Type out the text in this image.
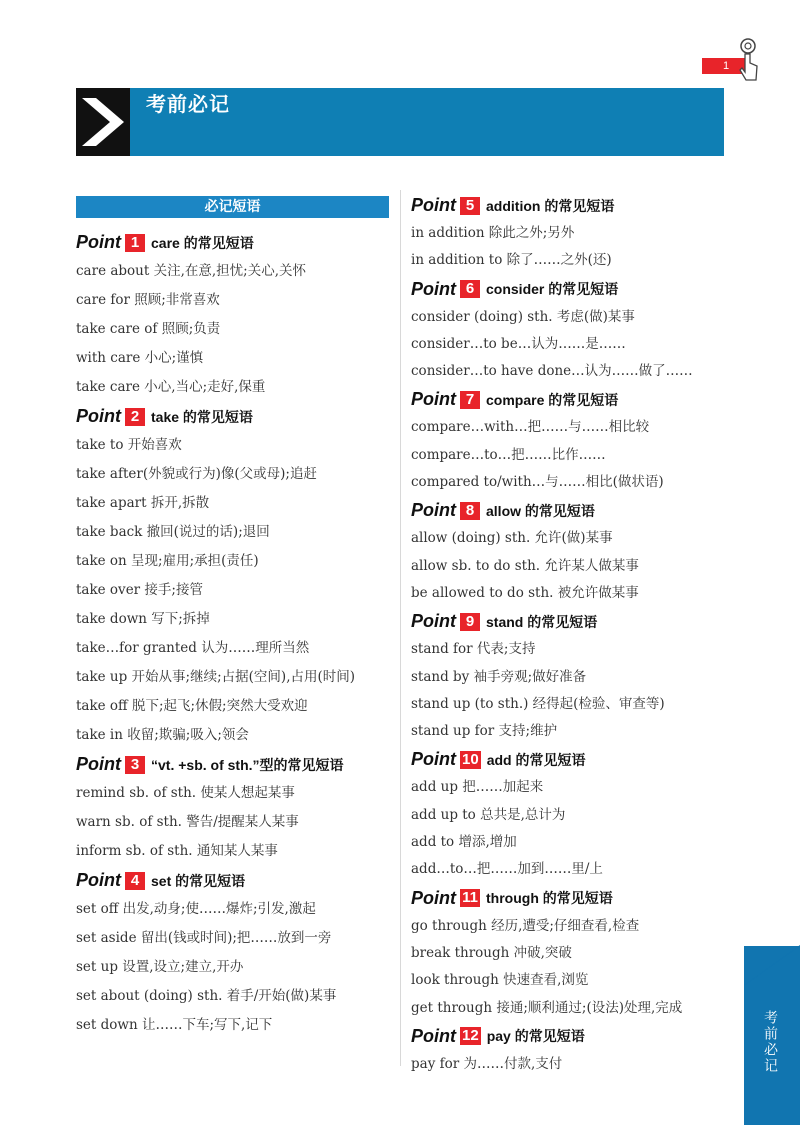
1
考前必记
考前必记
必记短语
Point 1 care 的常见短语
care about 关注,在意,担忧;关心,关怀
care for 照顾;非常喜欢
take care of 照顾;负责
with care 小心;谨慎
take care 小心,当心;走好,保重
Point 2 take 的常见短语
take to 开始喜欢
take after(外貌或行为)像(父或母);追赶
take apart 拆开,拆散
take back 撤回(说过的话);退回
take on 呈现;雇用;承担(责任)
take over 接手;接管
take down 写下;拆掉
take…for granted 认为……理所当然
take up 开始从事;继续;占据(空间),占用(时间)
take off 脱下;起飞;休假;突然大受欢迎
take in 收留;欺骗;吸入;领会
Point 3 “vt. +sb. of sth.”型的常见短语
remind sb. of sth. 使某人想起某事
warn sb. of sth. 警告/提醒某人某事
inform sb. of sth. 通知某人某事
Point 4 set 的常见短语
set off 出发,动身;使……爆炸;引发,激起
set aside 留出(钱或时间);把……放到一旁
set up 设置,设立;建立,开办
set about (doing) sth. 着手/开始(做)某事
set down 让……下车;写下,记下
Point 5 addition 的常见短语
in addition 除此之外;另外
in addition to 除了……之外(还)
Point 6 consider 的常见短语
consider (doing) sth. 考虑(做)某事
consider…to be…认为……是……
consider…to have done…认为……做了……
Point 7 compare 的常见短语
compare…with…把……与……相比较
compare…to…把……比作……
compared to/with…与……相比(做状语)
Point 8 allow 的常见短语
allow (doing) sth. 允许(做)某事
allow sb. to do sth. 允许某人做某事
be allowed to do sth. 被允许做某事
Point 9 stand 的常见短语
stand for 代表;支持
stand by 袖手旁观;做好准备
stand up (to sth.) 经得起(检验、审查等)
stand up for 支持;维护
Point 10 add 的常见短语
add up 把……加起来
add up to 总共是,总计为
add to 增添,增加
add…to…把……加到……里/上
Point 11 through 的常见短语
go through 经历,遭受;仔细查看,检查
break through 冲破,突破
look through 快速查看,浏览
get through 接通;顺利通过;(设法)处理,完成
Point 12 pay 的常见短语
pay for 为……付款,支付
